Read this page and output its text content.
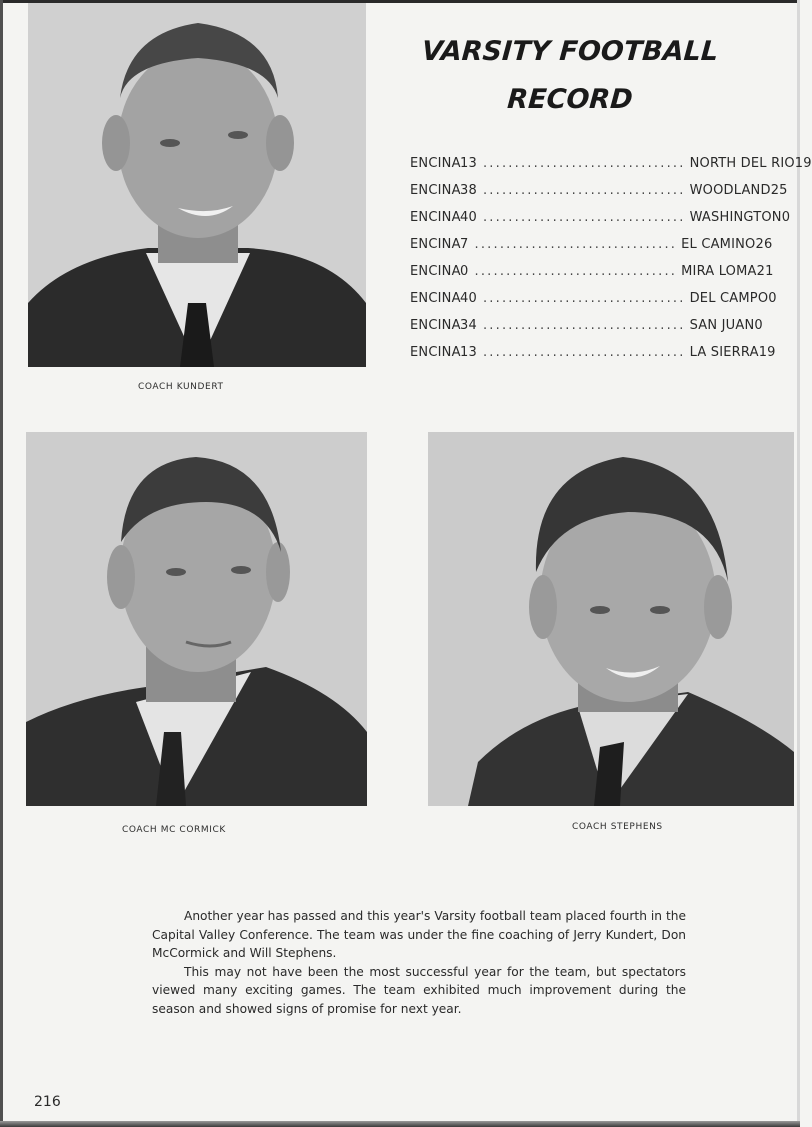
VARSITY FOOTBALL
RECORD
ENCINA 13 ................................ NORTH DEL RIO 19
ENCINA 38 ................................ WOODLAND 25
ENCINA 40 ................................ WASHINGTON 0
ENCINA 7 ................................ EL CAMINO 26
ENCINA 0 ................................ MIRA LOMA 21
ENCINA 40 ................................ DEL CAMPO 0
ENCINA 34 ................................ SAN JUAN 0
ENCINA 13 ................................ LA SIERRA 19
COACH KUNDERT
COACH MC CORMICK	COACH STEPHENS

Another year has passed and this year's Varsity football team placed fourth in the Capital Valley Conference. The team was under the fine coaching of Jerry Kundert, Don McCormick and Will Stephens.

This may not have been the most successful year for the team, but spectators viewed many exciting games. The team exhibited much improvement during the season and showed signs of promise for next year.

216
